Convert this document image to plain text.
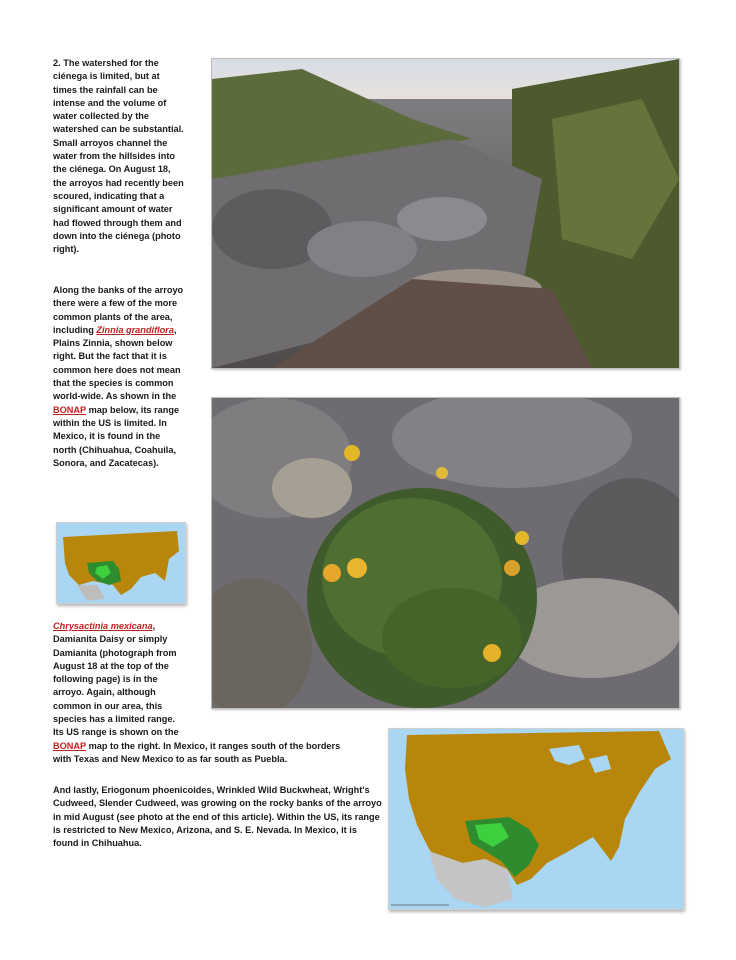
2. The watershed for the ciénega is limited, but at times the rainfall can be intense and the volume of water collected by the watershed can be substantial. Small arroyos channel the water from the hillsides into the ciénega. On August 18, the arroyos had recently been scoured, indicating that a significant amount of water had flowed through them and down into the ciénega (photo right).
Along the banks of the arroyo there were a few of the more common plants of the area, including Zinnia grandiflora, Plains Zinnia, shown below right. But the fact that it is common here does not mean that the species is common world-wide. As shown in the BONAP map below, its range within the US is limited. In Mexico, it is found in the north (Chihuahua, Coahuila, Sonora, and Zacatecas).
Chrysactinia mexicana, Damianita Daisy or simply Damianita (photograph from August 18 at the top of the following page) is in the arroyo. Again, although common in our area, this species has a limited range. Its US range is shown on the BONAP map to the right. In Mexico, it ranges south of the borders with Texas and New Mexico to as far south as Puebla.
And lastly, Eriogonum phoenicoides, Wrinkled Wild Buckwheat, Wright's Cudweed, Slender Cudweed, was growing on the rocky banks of the arroyo in mid August (see photo at the end of this article). Within the US, its range is restricted to New Mexico, Arizona, and S. E. Nevada. In Mexico, it is found in Chihuahua.
